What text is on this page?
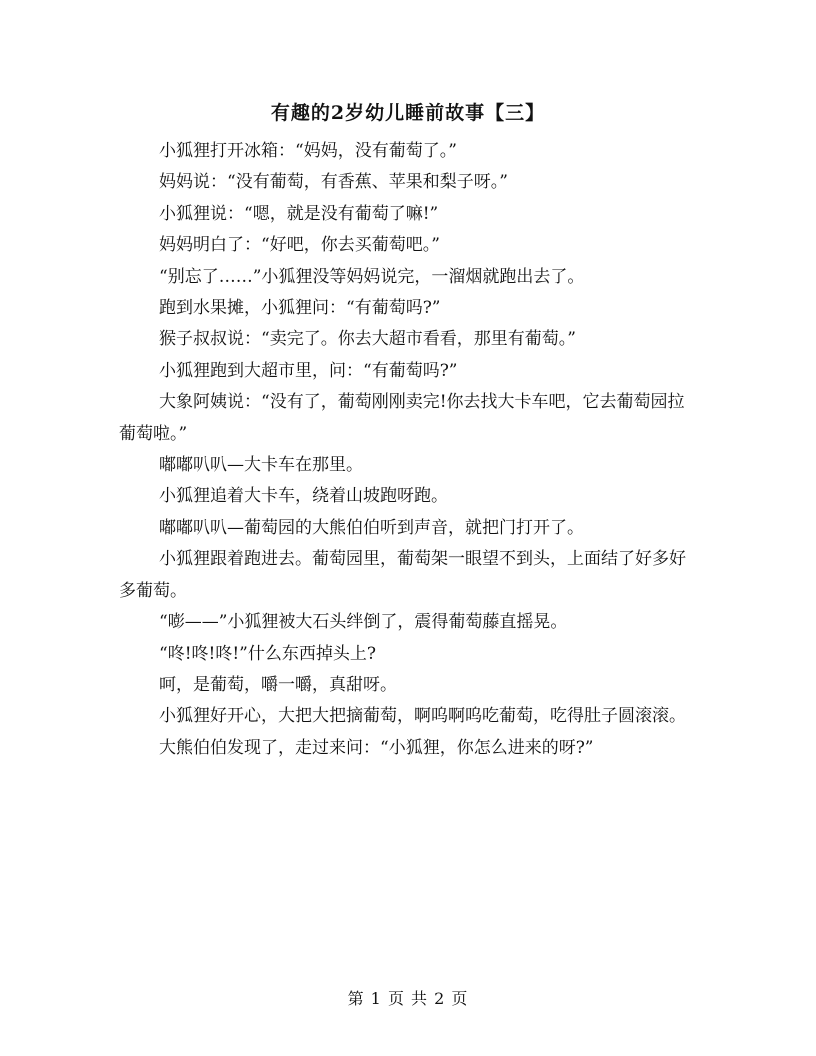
有趣的2岁幼儿睡前故事【三】

小狐狸打开冰箱：“妈妈，没有葡萄了。”

妈妈说：“没有葡萄，有香蕉、苹果和梨子呀。”

小狐狸说：“嗯，就是没有葡萄了嘛!”

妈妈明白了：“好吧，你去买葡萄吧。”

“别忘了……”小狐狸没等妈妈说完，一溜烟就跑出去了。

跑到水果摊，小狐狸问：“有葡萄吗?”

猴子叔叔说：“卖完了。你去大超市看看，那里有葡萄。”

小狐狸跑到大超市里，问：“有葡萄吗?”

大象阿姨说：“没有了，葡萄刚刚卖完!你去找大卡车吧，它去葡萄园拉葡萄啦。”

嘟嘟叭叭—大卡车在那里。

小狐狸追着大卡车，绕着山坡跑呀跑。

嘟嘟叭叭—葡萄园的大熊伯伯听到声音，就把门打开了。

小狐狸跟着跑进去。葡萄园里，葡萄架一眼望不到头，上面结了好多好多葡萄。

“嘭——”小狐狸被大石头绊倒了，震得葡萄藤直摇晃。

“咚!咚!咚!”什么东西掉头上?

呵，是葡萄，嚼一嚼，真甜呀。

小狐狸好开心，大把大把摘葡萄，啊呜啊呜吃葡萄，吃得肚子圆滚滚。

大熊伯伯发现了，走过来问：“小狐狸，你怎么进来的呀?”

第 1 页 共 2 页
